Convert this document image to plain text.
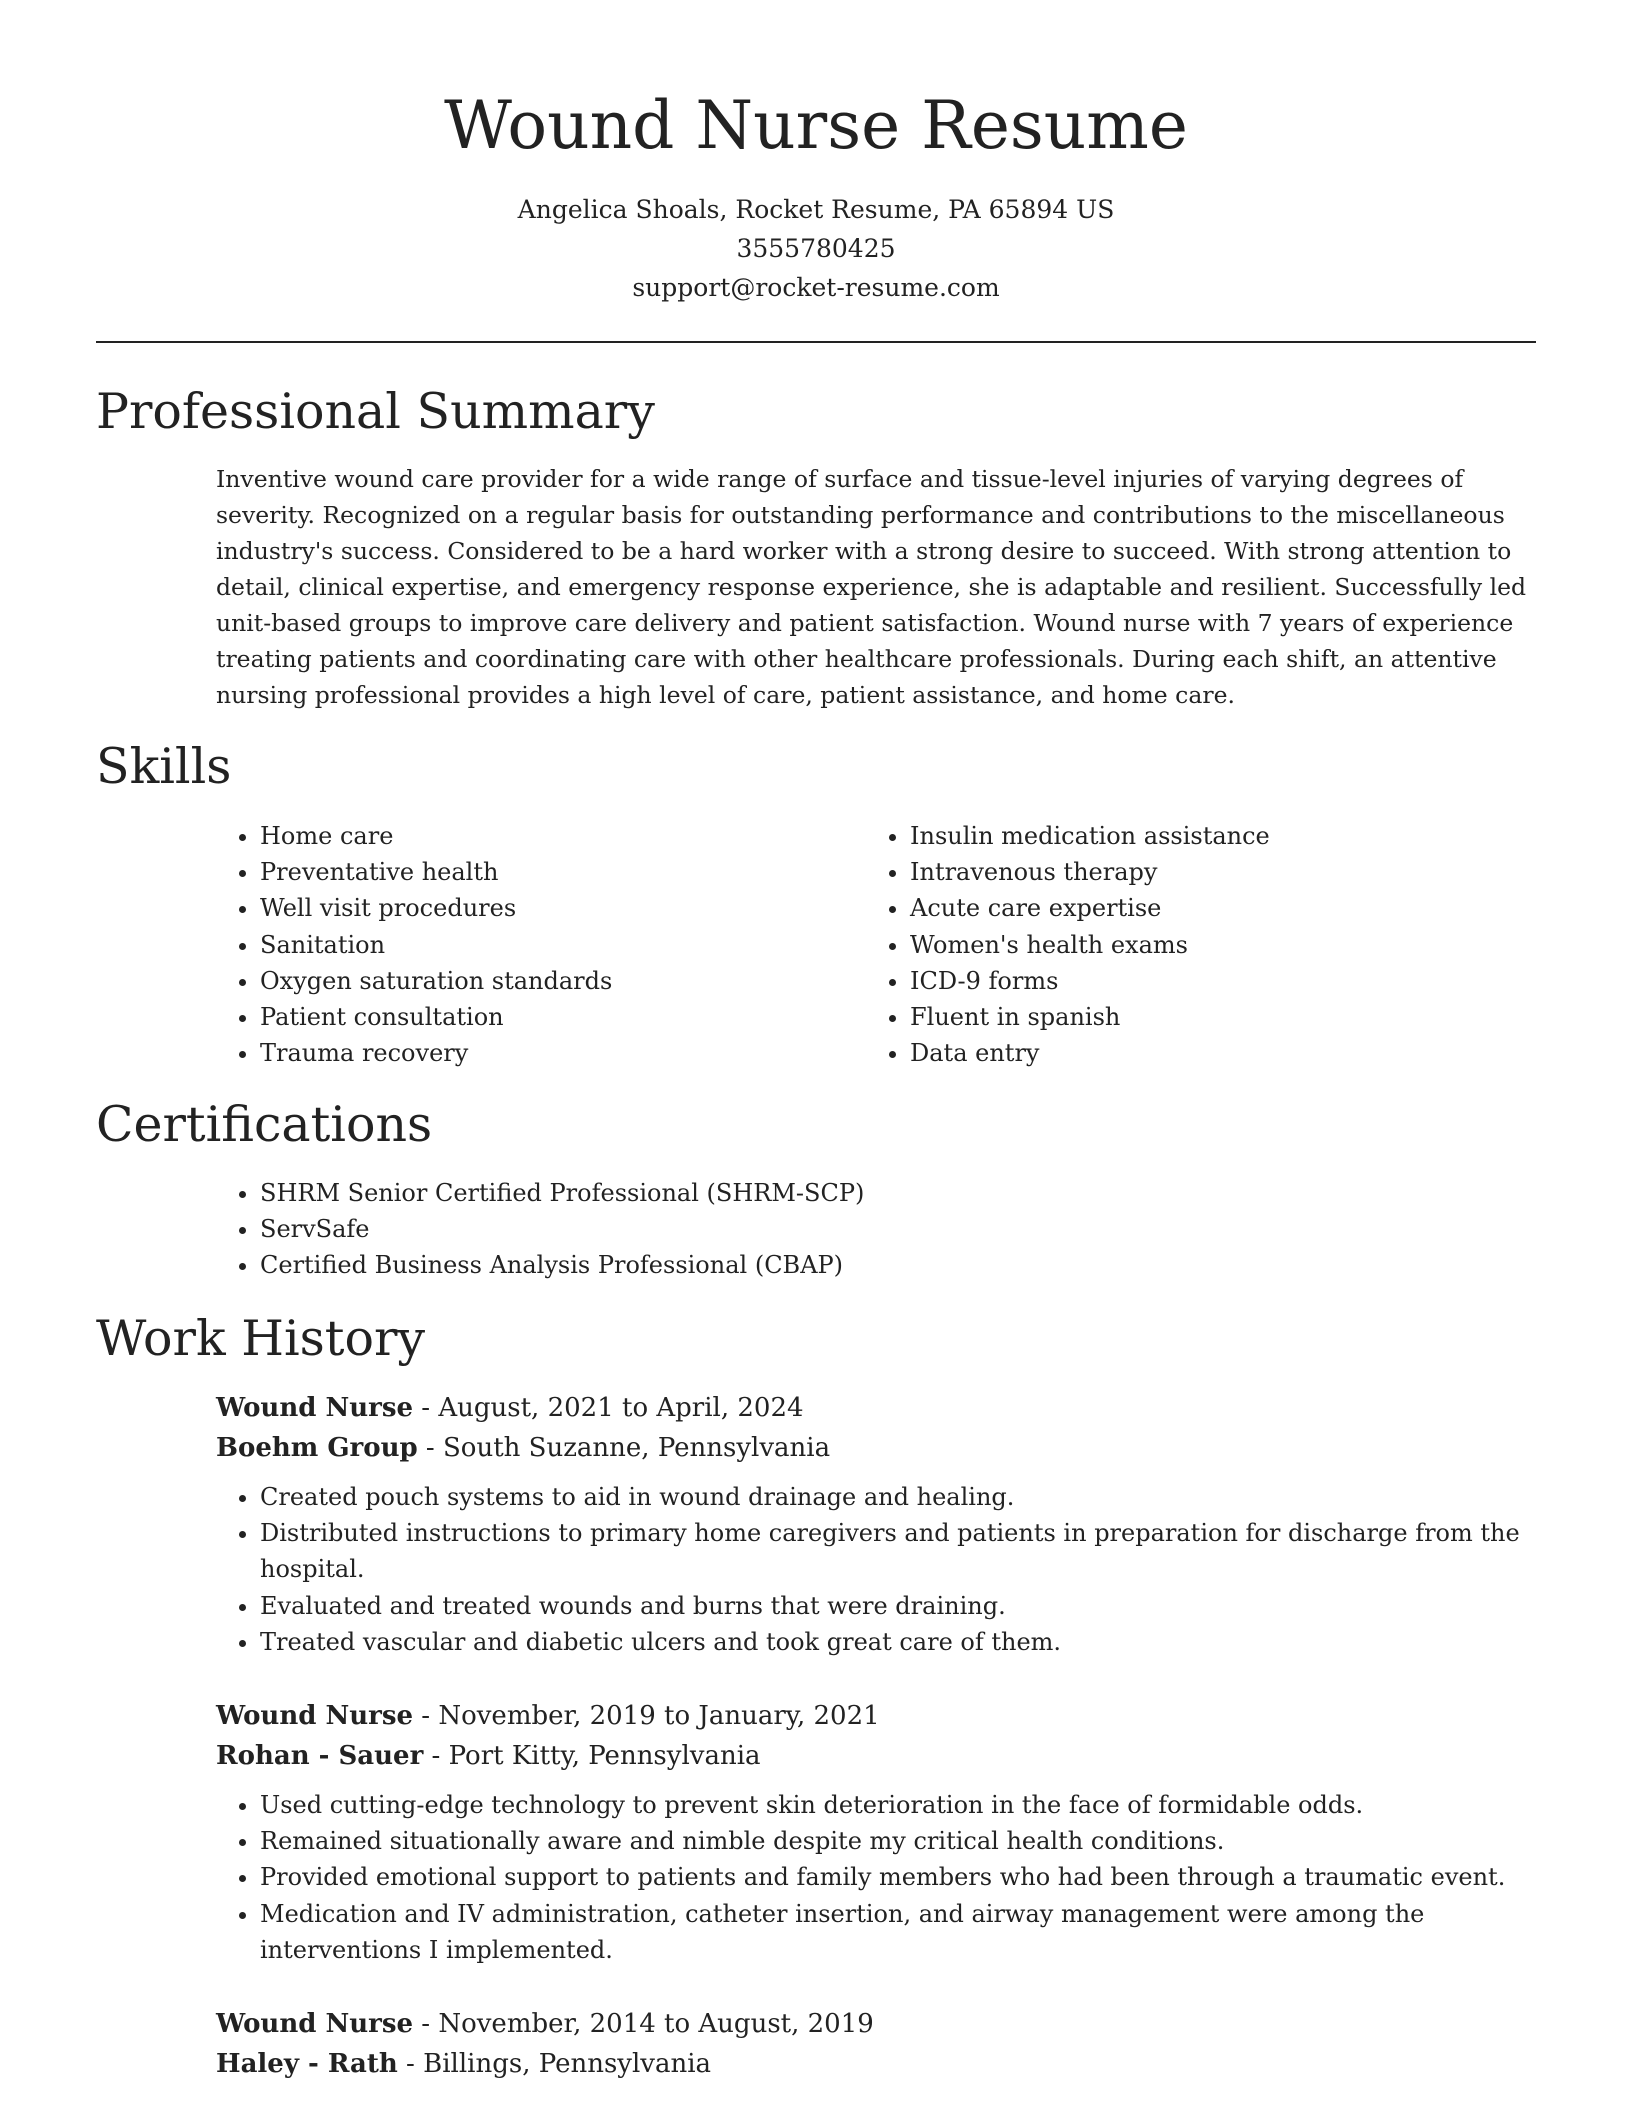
Wound Nurse Resume
Angelica Shoals, Rocket Resume, PA 65894 US
3555780425
support@rocket-resume.com
Professional Summary

Inventive wound care provider for a wide range of surface and tissue-level injuries of varying degrees of severity. Recognized on a regular basis for outstanding performance and contributions to the miscellaneous industry's success. Considered to be a hard worker with a strong desire to succeed. With strong attention to detail, clinical expertise, and emergency response experience, she is adaptable and resilient. Successfully led unit-based groups to improve care delivery and patient satisfaction. Wound nurse with 7 years of experience treating patients and coordinating care with other healthcare professionals. During each shift, an attentive nursing professional provides a high level of care, patient assistance, and home care.

Skills
• Home care
• Preventative health
• Well visit procedures
• Sanitation
• Oxygen saturation standards
• Patient consultation
• Trauma recovery
• Insulin medication assistance
• Intravenous therapy
• Acute care expertise
• Women's health exams
• ICD-9 forms
• Fluent in spanish
• Data entry
Certifications
• SHRM Senior Certified Professional (SHRM-SCP)
• ServSafe
• Certified Business Analysis Professional (CBAP)
Work History
Wound Nurse - August, 2021 to April, 2024
Boehm Group - South Suzanne, Pennsylvania
• Created pouch systems to aid in wound drainage and healing.
• Distributed instructions to primary home caregivers and patients in preparation for discharge from the hospital.
• Evaluated and treated wounds and burns that were draining.
• Treated vascular and diabetic ulcers and took great care of them.
Wound Nurse - November, 2019 to January, 2021
Rohan - Sauer - Port Kitty, Pennsylvania
• Used cutting-edge technology to prevent skin deterioration in the face of formidable odds.
• Remained situationally aware and nimble despite my critical health conditions.
• Provided emotional support to patients and family members who had been through a traumatic event.
• Medication and IV administration, catheter insertion, and airway management were among the interventions I implemented.
Wound Nurse - November, 2014 to August, 2019
Haley - Rath - Billings, Pennsylvania
